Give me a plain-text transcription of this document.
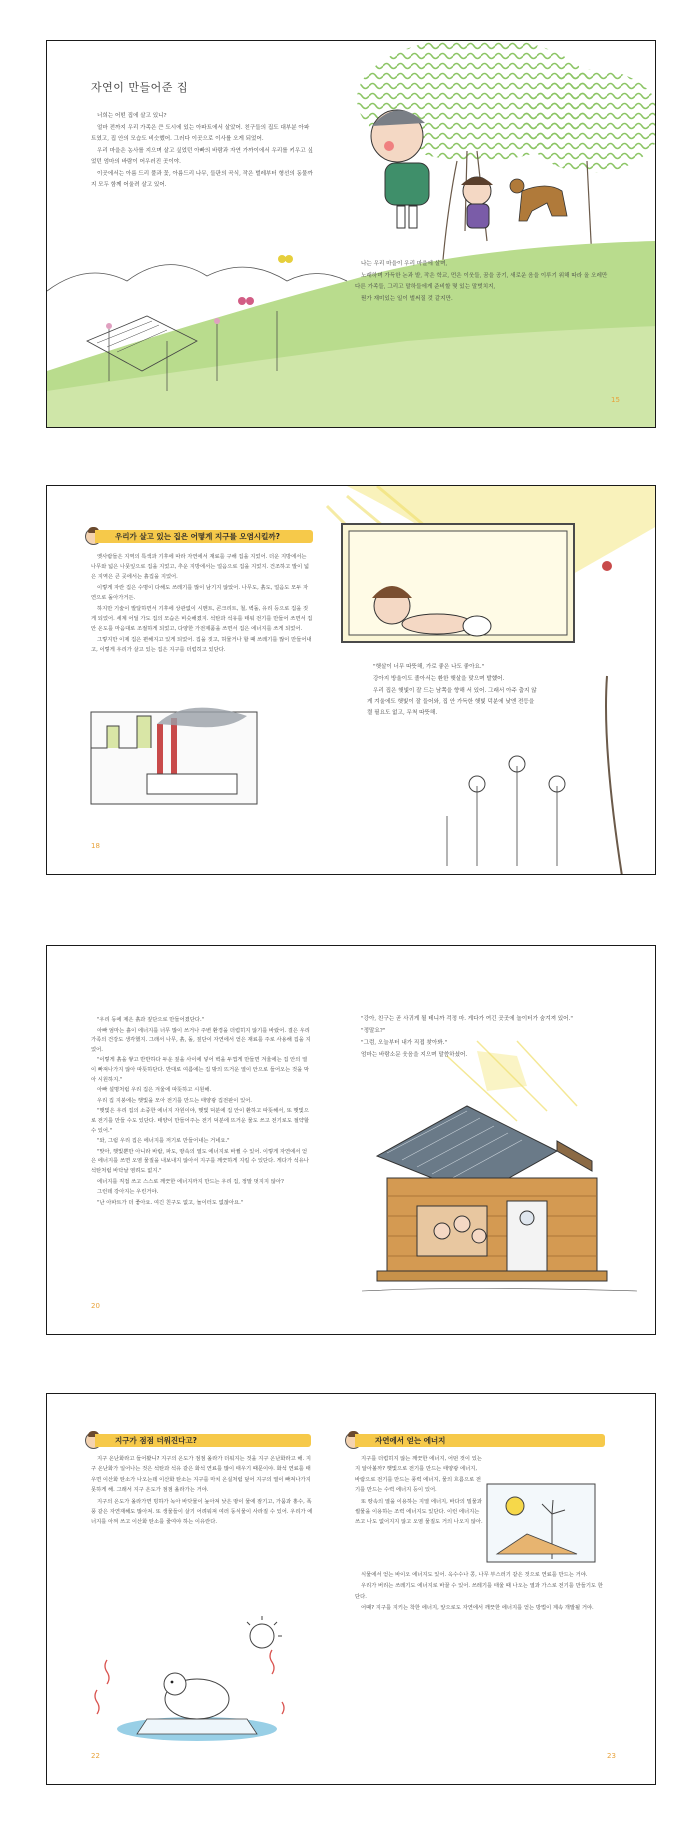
자연이 만들어준 집

너희는 어떤 집에 살고 있니?

얼마 전까지 우리 가족은 큰 도시에 있는 아파트에서 살았어. 친구들의 집도 대부분 아파트였고, 집 안의 모습도 비슷했어. 그러다 이곳으로 이사를 오게 되었어.

우리 마을은 농사를 지으며 살고 싶었던 아빠의 바람과 자연 가까이에서 우리를 키우고 싶었던 엄마의 바람이 어우러진 곳이야.

이곳에서는 아름 드리 풀과 꽃, 아름드리 나무, 들판의 곡식, 작은 벌레부터 형선의 동물까지 모두 함께 어울려 살고 있어.

나는 우리 마을이 우리 마을에 살며,

노래하며 가득한 논과 밭, 작은 학교, 먼은 이웃들, 꿈을 공기, 새로운 음을 이루기 위해 따라 올 오레만 다른 가족들, 그리고 말하들에게 준비할 몇 있는 말벗치지,

뭔가 재미있는 일이 벌써질 것 같지만.

15
우리가 살고 있는 집은 어떻게 지구를 오염시킬까?

옛사람들은 지역의 특색과 기후에 따라 자연에서 재료를 구해 집을 지었어. 더운 지방에서는 나무와 넓은 나뭇잎으로 집을 지었고, 추운 지방에서는 얼음으로 집을 지었지. 건조하고 발이 넓은 지역은 큰 곳에서는 흙집을 지었어.

이렇게 자란 집은 수명이 다해도 쓰레기를 많이 남기지 않았어. 나무도, 흙도, 얼음도 모두 자연으로 돌아가거든.

하지만 기술이 발달하면서 기후에 상관없이 시멘트, 콘크리트, 철, 벽돌, 유리 등으로 집을 짓게 되었어. 세계 어딜 가도 집의 모습은 비슷해졌지. 석탄과 석유를 태워 전기를 만들어 쓰면서 집 안 온도를 마음대로 조절하게 되었고, 다양한 가전제품을 쓰면서 집은 에너지를 쓰게 되었어.

그렇지만 이제 집은 편해지고 있게 되었어. 집을 짓고, 허물거나 할 때 쓰레기를 많이 만들어내고, 이렇게 우리가 살고 있는 집은 지구를 더럽히고 있단다.

"햇살이 너무 따뜻해, 가로 좋은 나도 좋아요."

강아지 방울이도 졸아서는 환한 햇살을 맞으며 발했어.

우리 집은 햇빛이 잘 드는 남쪽을 향해 서 있어. 그래서 아주 춥지 않게 겨울에도 햇빛이 잘 들어와, 집 안 가득한 햇빛 덕분에 낮엔 전등을 켤 필요도 없고, 무척 따뜻해.

18

"우리 동에 제은 흙과 짚단으로 만들어졌단다."

아빠 엄마는 흙이 에너지를 너무 많이 쓰거나 주변 환경을 더럽히지 않기를 바랐어. 결은 우리 가족의 건강도 생각했지. 그래서 나무, 흙, 돌, 짚단이 자연에서 얻은 재료를 주로 사용해 집을 지었어.

"이렇게 흙을 쌓고 반반하다 두운 짚을 사이에 넣어 벽을 두껍게 만들면 겨울에는 집 안의 열이 빠져나가지 않아 따뜻하단다. 반대로 여름에는 집 밖의 뜨거운 열이 안으로 들어오는 것을 막아 시원하지."

아빠 설명처럼 우리 집은 겨울에 따뜻하고 시원해.

우리 집 지붕에는 햇빛을 모아 전기를 만드는 태양광 집전판이 있어.

"햇빛은 우리 집의 소중한 에너지 자원이야, 햇빛 덕분에 집 안이 환하고 따뜻해서, 또 햇빛으로 전기를 만들 수도 있단다. 태양이 만들어주는 전기 덕분에 뜨거운 물도 쓰고 전기로도 절약할 수 있어."

"와, 그럼 우리 집은 에너지를 저기로 만들어내는 거네요."

"맞아, 햇빛뿐만 아니라 바람, 파도, 땅속의 열도 에너지로 바뀔 수 있어. 이렇게 자연에서 얻은 에너지를 쓰면 오염 물질을 내보내지 않아서 지구를 깨끗하게 지킬 수 있단다. 게다가 석유나 석탄처럼 바닥날 염려도 없지."

에너지를 직접 쓰고 스스로 깨끗한 에너지까지 만드는 우리 집, 정말 멋지지 않아?

그런데 강아지는 우린거야.

"난 아파트가 더 좋아요. 여긴 친구도 없고, 놀이터도 없잖아요."

"강아, 친구는 곧 사귀게 될 테니까 걱정 마. 게다가 여긴 곳곳에 놀이터가 숨겨져 있어."

"정말요?"

"그럼, 오늘부터 내가 직접 찾아봐."

엄마는 바람소문 웃음을 지으며 말씀하셨어.

20
지구가 점점 더워진다고?

지구 온난화라고 들어봤니? 지구의 온도가 점점 올라가 더워지는 것을 지구 온난화라고 해. 지구 온난화가 일어나는 것은 석탄과 석유 같은 화석 연료를 많이 태우기 때문이야. 화석 연료를 태우면 이산화 탄소가 나오는데 이산화 탄소는 지구를 마치 온실처럼 덮어 지구의 열이 빠져나가지 못하게 해. 그래서 지구 온도가 점점 올라가는 거야.

지구의 온도가 올라가면 빙하가 녹아 바닷물이 높아져 낮은 땅이 물에 잠기고, 가뭄과 홍수, 폭풍 같은 자연재해도 많아져. 또 생물들이 살기 어려워져 여러 동식물이 사라질 수 있어. 우리가 에너지를 아껴 쓰고 이산화 탄소를 줄여야 하는 이유란다.

자연에서 얻는 에너지

지구를 더럽히지 않는 깨끗한 에너지, 어떤 것이 있는지 알아볼까? 햇빛으로 전기를 만드는 태양광 에너지, 바람으로 전기를 만드는 풍력 에너지, 물의 흐름으로 전기를 만드는 수력 에너지 등이 있어.

또 땅속의 열을 이용하는 지열 에너지, 바다의 밀물과 썰물을 이용하는 조력 에너지도 있단다. 이런 에너지는 쓰고 나도 없어지지 않고 오염 물질도 거의 나오지 않아.

식물에서 얻는 바이오 에너지도 있어. 옥수수나 콩, 나무 부스러기 같은 것으로 연료를 만드는 거야.

우리가 버리는 쓰레기도 에너지로 바꿀 수 있어. 쓰레기를 태울 때 나오는 열과 가스로 전기를 만들기도 한단다.

어때? 지구를 지키는 착한 에너지, 앞으로도 자연에서 깨끗한 에너지를 얻는 방법이 계속 개발될 거야.

22	23
